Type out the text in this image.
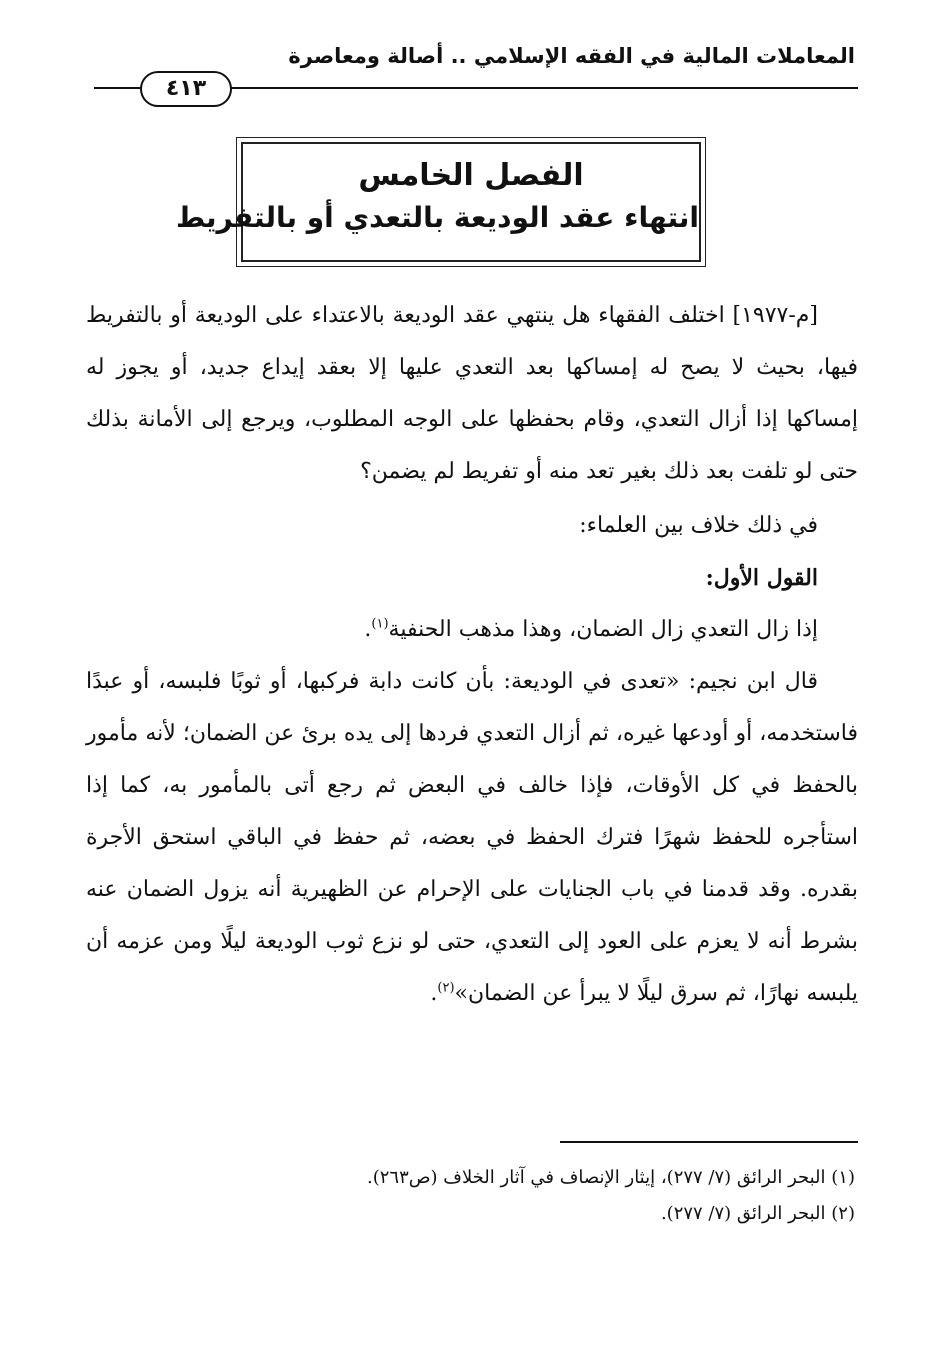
المعاملات المالية في الفقه الإسلامي .. أصالة ومعاصرة
٤١٣
الفصل الخامس
انتهاء عقد الوديعة بالتعدي أو بالتفريط

[م-١٩٧٧] اختلف الفقهاء هل ينتهي عقد الوديعة بالاعتداء على الوديعة أو بالتفريط فيها، بحيث لا يصح له إمساكها بعد التعدي عليها إلا بعقد إيداع جديد، أو يجوز له إمساكها إذا أزال التعدي، وقام بحفظها على الوجه المطلوب، ويرجع إلى الأمانة بذلك حتى لو تلفت بعد ذلك بغير تعد منه أو تفريط لم يضمن؟

في ذلك خلاف بين العلماء:

القول الأول:

إذا زال التعدي زال الضمان، وهذا مذهب الحنفية$^{(١)}$.

قال ابن نجيم: «تعدى في الوديعة: بأن كانت دابة فركبها، أو ثوبًا فلبسه، أو عبدًا فاستخدمه، أو أودعها غيره، ثم أزال التعدي فردها إلى يده برئ عن الضمان؛ لأنه مأمور بالحفظ في كل الأوقات، فإذا خالف في البعض ثم رجع أتى بالمأمور به، كما إذا استأجره للحفظ شهرًا فترك الحفظ في بعضه، ثم حفظ في الباقي استحق الأجرة بقدره. وقد قدمنا في باب الجنايات على الإحرام عن الظهيرية أنه يزول الضمان عنه بشرط أنه لا يعزم على العود إلى التعدي، حتى لو نزع ثوب الوديعة ليلًا ومن عزمه أن يلبسه نهارًا، ثم سرق ليلًا لا يبرأ عن الضمان»$^{(٢)}$.

(١) البحر الرائق (٧/ ٢٧٧)، إيثار الإنصاف في آثار الخلاف (ص٢٦٣).

(٢) البحر الرائق (٧/ ٢٧٧).
